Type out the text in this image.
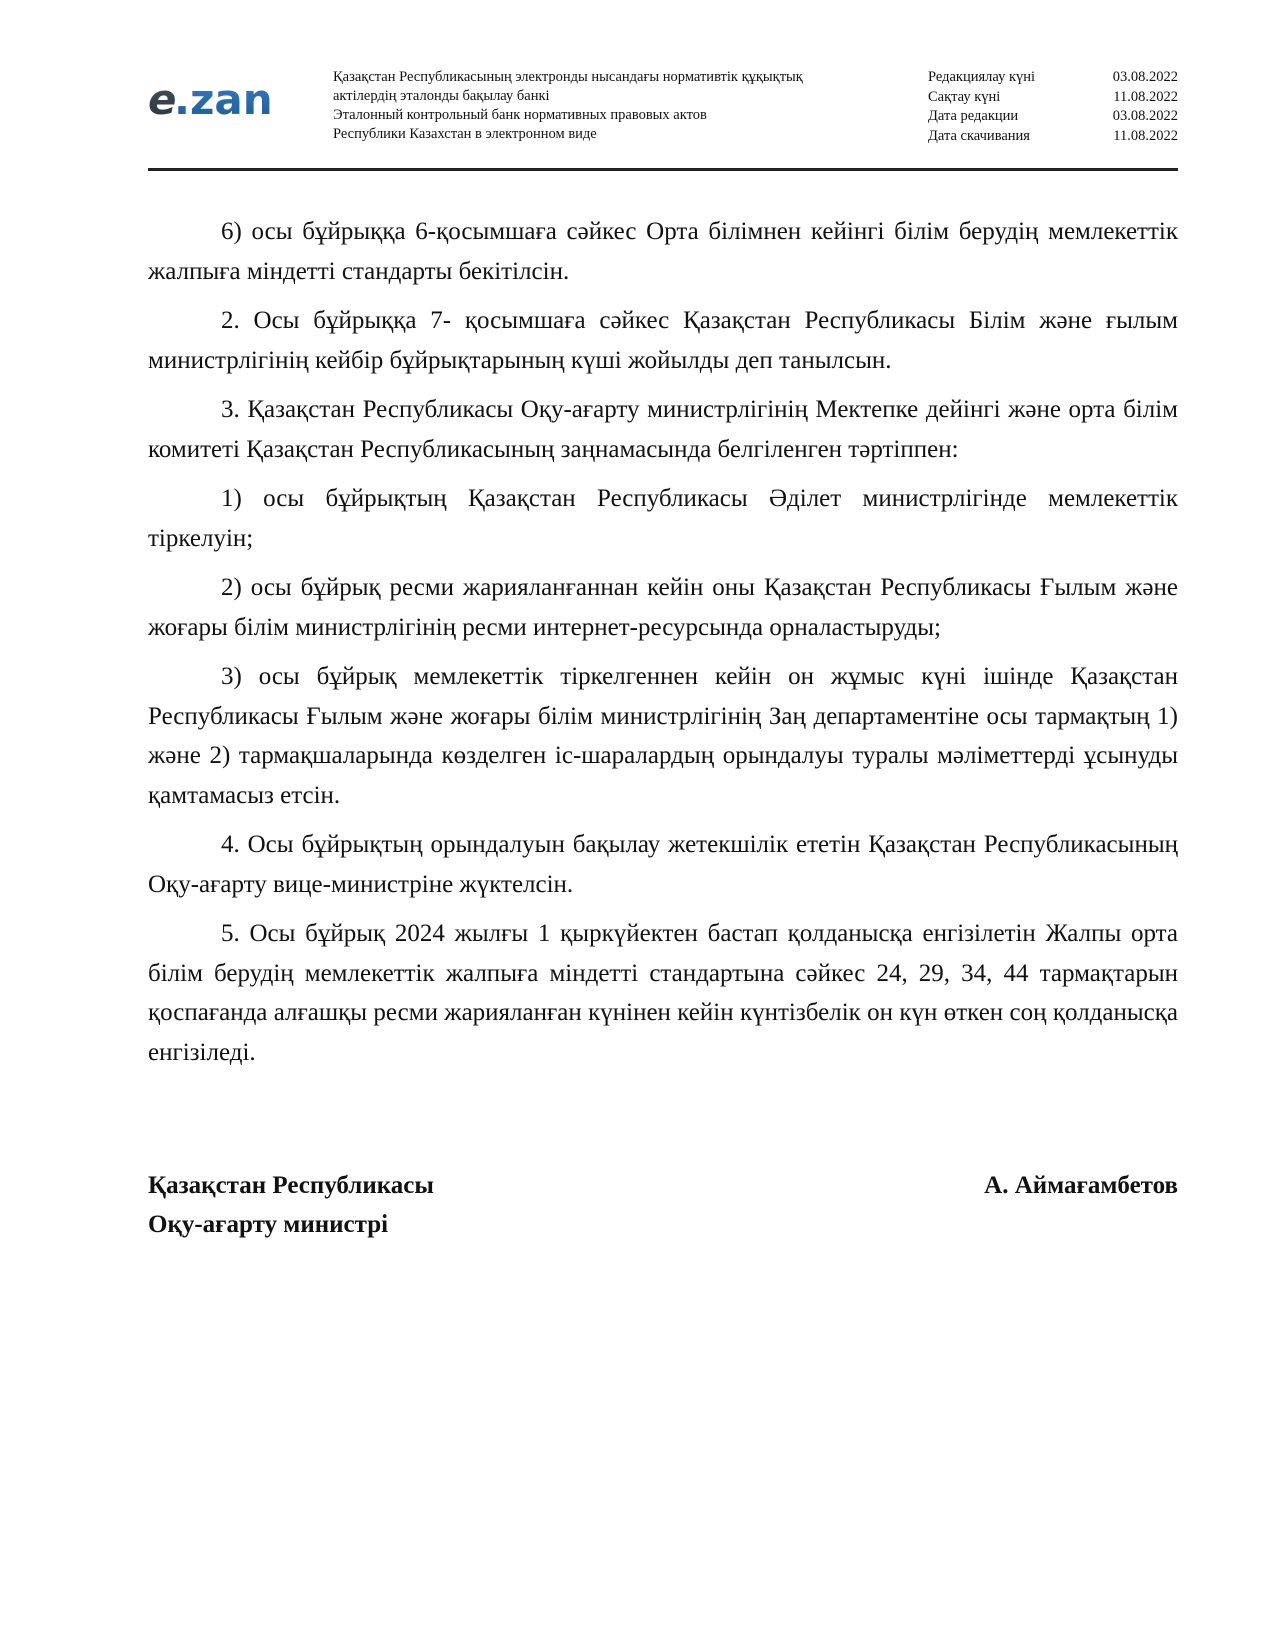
e
.zan	Қазақстан Республикасының электронды нысандағы нормативтік құқықтық
актілердің эталонды бақылау банкі
Эталонный контрольный банк нормативных правовых актов
Республики Казахстан в электронном виде
Редакциялау күні	03.08.2022
Сақтау күні	11.08.2022
Дата редакции	03.08.2022
Дата скачивания	11.08.2022

6) осы бұйрыққа 6-қосымшаға сәйкес Орта білімнен кейінгі білім берудің мемлекеттік жалпыға міндетті стандарты бекітілсін.

2. Осы бұйрыққа 7- қосымшаға сәйкес Қазақстан Республикасы Білім және ғылым министрлігінің кейбір бұйрықтарының күші жойылды деп танылсын.

3. Қазақстан Республикасы Оқу-ағарту министрлігінің Мектепке дейінгі және орта білім комитеті Қазақстан Республикасының заңнамасында белгіленген тәртіппен:

1) осы бұйрықтың Қазақстан Республикасы Әділет министрлігінде мемлекеттік тіркелуін;

2) осы бұйрық ресми жарияланғаннан кейін оны Қазақстан Республикасы Ғылым және жоғары білім министрлігінің ресми интернет-ресурсында орналастыруды;

3) осы бұйрық мемлекеттік тіркелгеннен кейін он жұмыс күні ішінде Қазақстан Республикасы Ғылым және жоғары білім министрлігінің Заң департаментіне осы тармақтың 1) және 2) тармақшаларында көзделген іс-шаралардың орындалуы туралы мәліметтерді ұсынуды қамтамасыз етсін.

4. Осы бұйрықтың орындалуын бақылау жетекшілік ететін Қазақстан Республикасының Оқу-ағарту вице-министріне жүктелсін.

5. Осы бұйрық 2024 жылғы 1 қыркүйектен бастап қолданысқа енгізілетін Жалпы орта білім берудің мемлекеттік жалпыға міндетті стандартына сәйкес 24, 29, 34, 44 тармақтарын қоспағанда алғашқы ресми жарияланған күнінен кейін күнтізбелік он күн өткен соң қолданысқа енгізіледі.

Қазақстан Республикасы
Оқу-ағарту министрі
А. Аймағамбетов
